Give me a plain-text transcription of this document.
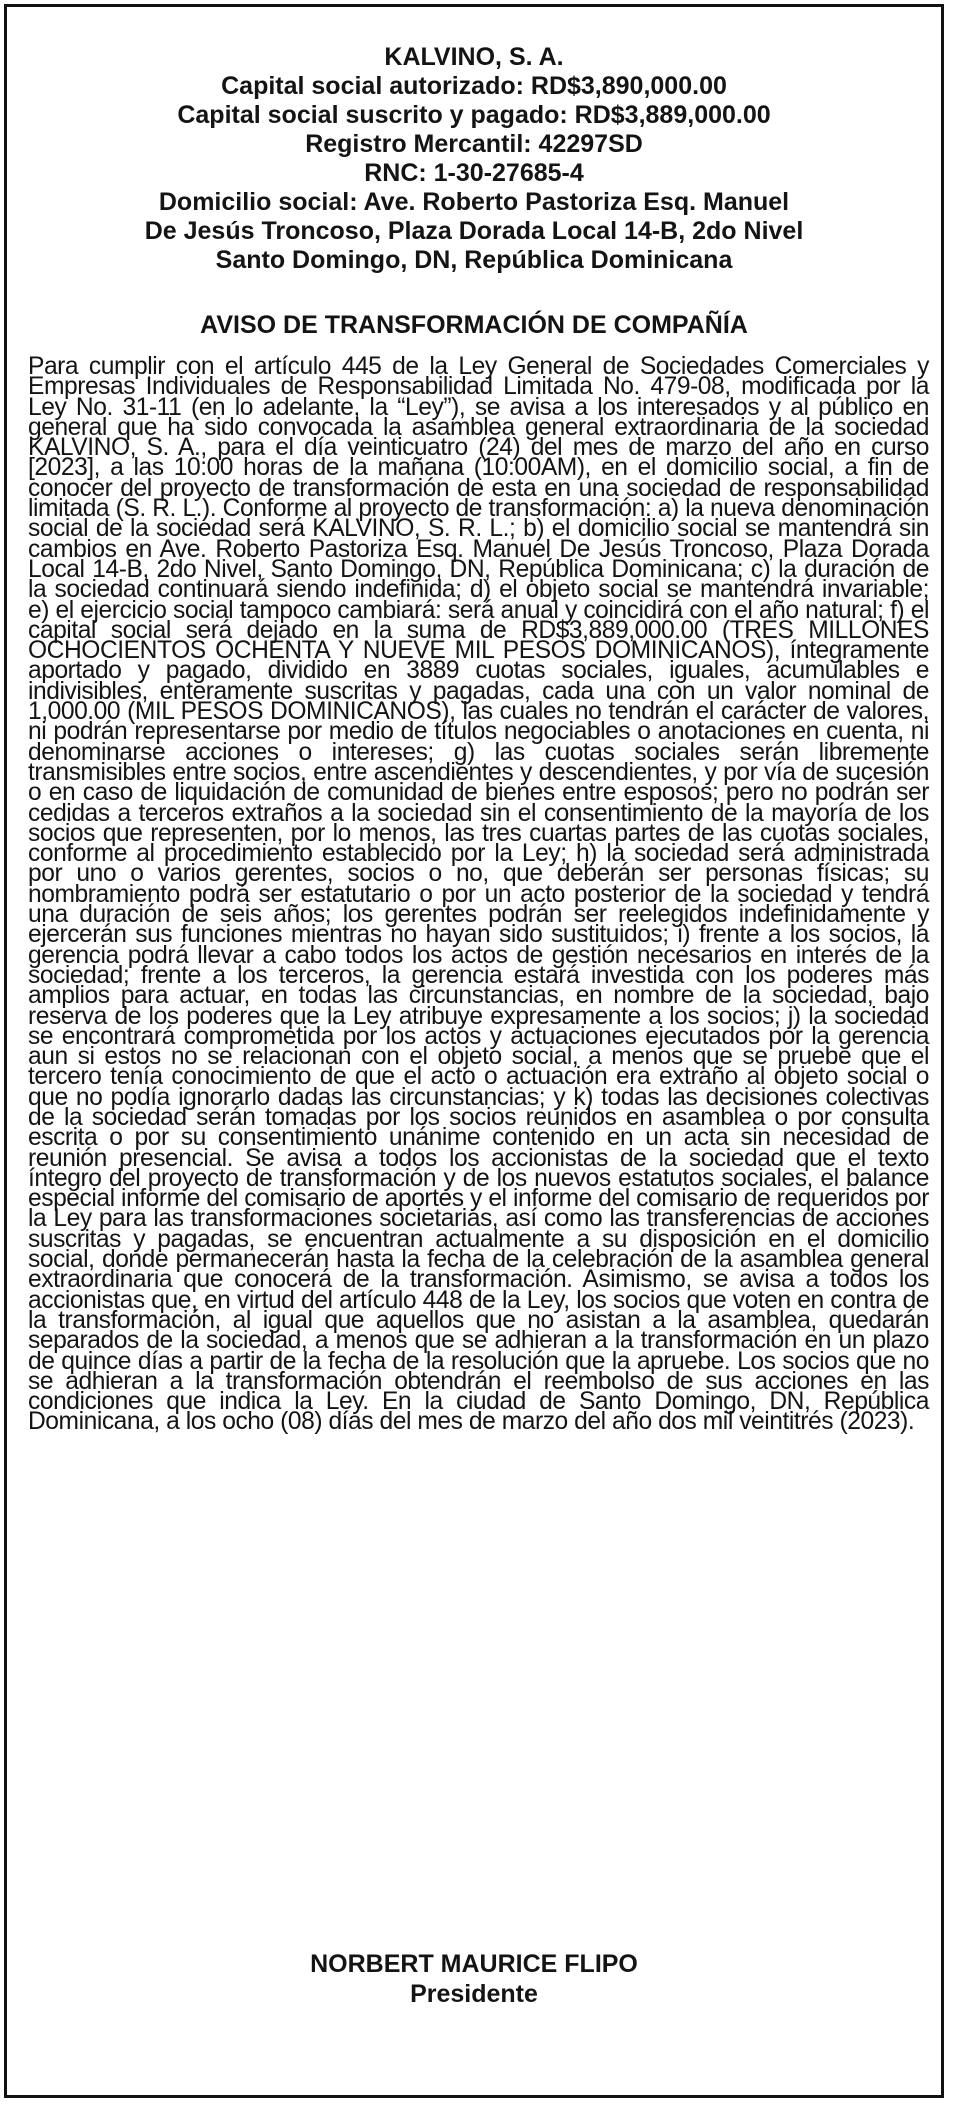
KALVINO, S. A.
Capital social autorizado: RD$3,890,000.00
Capital social suscrito y pagado: RD$3,889,000.00
Registro Mercantil: 42297SD
RNC: 1-30-27685-4
Domicilio social: Ave. Roberto Pastoriza Esq. Manuel
De Jesús Troncoso, Plaza Dorada Local 14-B, 2do Nivel
Santo Domingo, DN, República Dominicana
AVISO DE TRANSFORMACIÓN DE COMPAÑÍA

Para cumplir con el artículo 445 de la Ley General de Sociedades Comerciales y Empresas Individuales de Responsabilidad Limitada No. 479-08, modificada por la Ley No. 31-11 (en lo adelante, la “Ley”), se avisa a los interesados y al público en general que ha sido convocada la asamblea general extraordinaria de la sociedad KALVINO, S. A., para el día veinticuatro (24) del mes de marzo del año en curso [2023], a las 10:00 horas de la mañana (10:00AM), en el domicilio social, a fin de conocer del proyecto de transformación de esta en una sociedad de responsabilidad limitada (S. R. L.). Conforme al proyecto de transformación: a) la nueva denominación social de la sociedad será KALVINO, S. R. L.; b) el domicilio social se mantendrá sin cambios en Ave. Roberto Pastoriza Esq. Manuel De Jesús Troncoso, Plaza Dorada Local 14-B, 2do Nivel, Santo Domingo, DN, República Dominicana; c) la duración de la sociedad continuará siendo indefinida; d) el objeto social se mantendrá invariable; e) el ejercicio social tampoco cambiará: será anual y coincidirá con el año natural; f) el capital social será dejado en la suma de RD$3,889,000.00 (TRES MILLONES OCHOCIENTOS OCHENTA Y NUEVE MIL PESOS DOMINICANOS), íntegramente aportado y pagado, dividido en 3889 cuotas sociales, iguales, acumulables e indivisibles, enteramente suscritas y pagadas, cada una con un valor nominal de 1,000.00 (MIL PESOS DOMINICANOS), las cuales no tendrán el carácter de valores, ni podrán representarse por medio de títulos negociables o anotaciones en cuenta, ni denominarse acciones o intereses; g) las cuotas sociales serán libremente transmisibles entre socios, entre ascendientes y descendientes, y por vía de sucesión o en caso de liquidación de comunidad de bienes entre esposos; pero no podrán ser cedidas a terceros extraños a la sociedad sin el consentimiento de la mayoría de los socios que representen, por lo menos, las tres cuartas partes de las cuotas sociales, conforme al procedimiento establecido por la Ley; h) la sociedad será administrada por uno o varios gerentes, socios o no, que deberán ser personas físicas; su nombramiento podrá ser estatutario o por un acto posterior de la sociedad y tendrá una duración de seis años; los gerentes podrán ser reelegidos indefinidamente y ejercerán sus funciones mientras no hayan sido sustituidos; i) frente a los socios, la gerencia podrá llevar a cabo todos los actos de gestión necesarios en interés de la sociedad; frente a los terceros, la gerencia estará investida con los poderes más amplios para actuar, en todas las circunstancias, en nombre de la sociedad, bajo reserva de los poderes que la Ley atribuye expresamente a los socios; j) la sociedad se encontrará comprometida por los actos y actuaciones ejecutados por la gerencia aun si estos no se relacionan con el objeto social, a menos que se pruebe que el tercero tenía conocimiento de que el acto o actuación era extraño al objeto social o que no podía ignorarlo dadas las circunstancias; y k) todas las decisiones colectivas de la sociedad serán tomadas por los socios reunidos en asamblea o por consulta escrita o por su consentimiento unánime contenido en un acta sin necesidad de reunión presencial. Se avisa a todos los accionistas de la sociedad que el texto íntegro del proyecto de transformación y de los nuevos estatutos sociales, el balance especial informe del comisario de aportes y el informe del comisario de requeridos por la Ley para las transformaciones societarias, así como las transferencias de acciones suscritas y pagadas, se encuentran actualmente a su disposición en el domicilio social, donde permanecerán hasta la fecha de la celebración de la asamblea general extraordinaria que conocerá de la transformación. Asimismo, se avisa a todos los accionistas que, en virtud del artículo 448 de la Ley, los socios que voten en contra de la transformación, al igual que aquellos que no asistan a la asamblea, quedarán separados de la sociedad, a menos que se adhieran a la transformación en un plazo de quince días a partir de la fecha de la resolución que la apruebe. Los socios que no se adhieran a la transformación obtendrán el reembolso de sus acciones en las condiciones que indica la Ley. En la ciudad de Santo Domingo, DN, República Dominicana, a los ocho (08) días del mes de marzo del año dos mil veintitrés (2023).

NORBERT MAURICE FLIPO
Presidente
